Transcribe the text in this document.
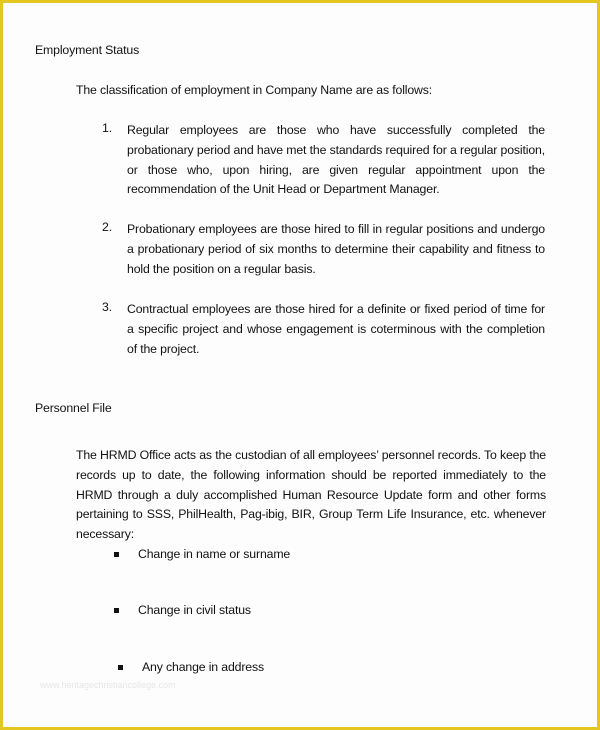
Employment Status
The classification of employment in Company Name are as follows:
1. Regular employees are those who have successfully completed the probationary period and have met the standards required for a regular position, or those who, upon hiring, are given regular appointment upon the recommendation of the Unit Head or Department Manager.
2. Probationary employees are those hired to fill in regular positions and undergo a probationary period of six months to determine their capability and fitness to hold the position on a regular basis.
3. Contractual employees are those hired for a definite or fixed period of time for a specific project and whose engagement is coterminous with the completion of the project.
Personnel File
The HRMD Office acts as the custodian of all employees’ personnel records. To keep the records up to date, the following information should be reported immediately to the HRMD through a duly accomplished Human Resource Update form and other forms pertaining to SSS, PhilHealth, Pag-ibig, BIR, Group Term Life Insurance, etc. whenever necessary:
Change in name or surname
Change in civil status
Any change in address
www.heritagechristiancollege.com
